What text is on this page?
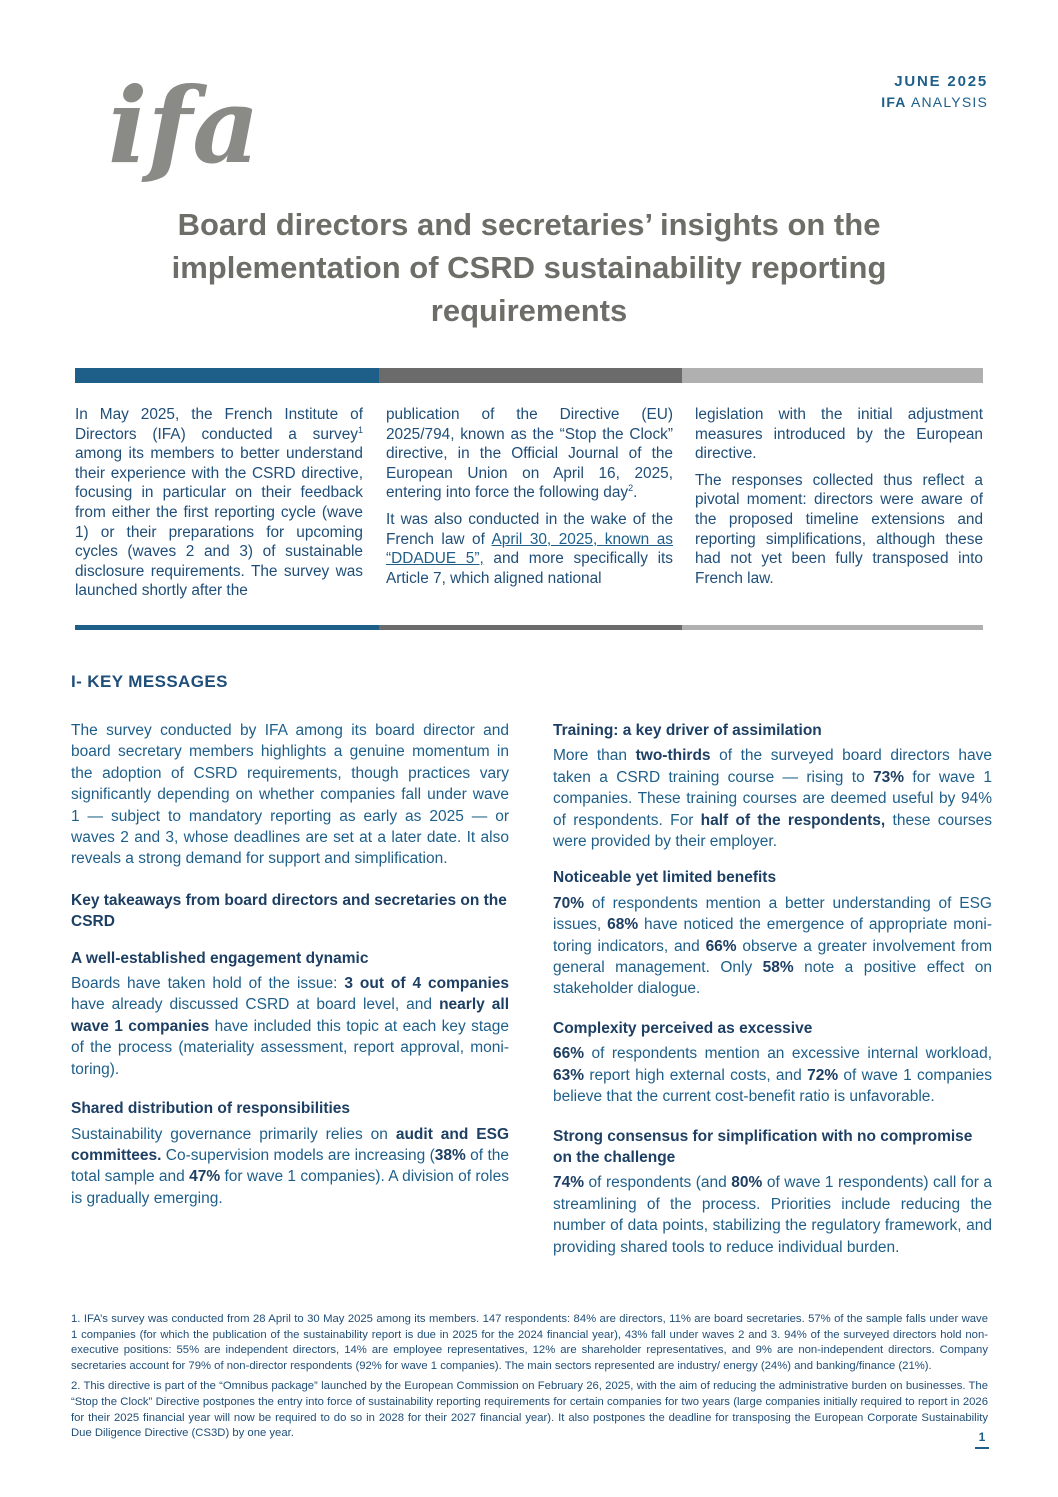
ifa	JUNE 2025
IFA ANALYSIS
Board directors and secretaries’ insights on the
implementation of CSRD sustainability reporting
requirements

In May 2025, the French Institute of Directors (IFA) conducted a survey$^1$ among its members to better understand their experience with the CSRD directive, focusing in particular on their feedback from either the first reporting cycle (wave 1) or their preparations for upcoming cycles (waves 2 and 3) of sustainable disclosure requirements. The survey was launched shortly after the

publication of the Directive (EU) 2025/794, known as the “Stop the Clock” directive, in the Official Journal of the European Union on April 16, 2025, entering into force the following day$^2$.

It was also conducted in the wake of the French law of April 30, 2025, known as “DDADUE 5”, and more specifically its Article 7, which aligned national

legislation with the initial adjustment measures introduced by the European directive.

The responses collected thus reflect a pivotal moment: directors were aware of the proposed timeline extensions and reporting simplifications, although these had not yet been fully transposed into French law.

I- KEY MESSAGES

The survey conducted by IFA among its board director and board secretary members highlights a genuine momentum in the adoption of CSRD requirements, though practices vary significantly depending on whether companies fall under wave 1 — subject to mandatory reporting as early as 2025 — or waves 2 and 3, whose deadlines are set at a later date. It also reveals a strong demand for support and simplification.

Key takeaways from board directors and secretaries on the CSRD
A well-established engagement dynamic

Boards have taken hold of the issue: 3 out of 4 companies have already discussed CSRD at board level, and nearly all wave 1 companies have included this topic at each key stage of the process (materiality assessment, report approval, monitoring).

Shared distribution of responsibilities

Sustainability governance primarily relies on audit and ESG committees. Co-supervision models are increasing (38% of the total sample and 47% for wave 1 companies). A division of roles is gradually emerging.

Training: a key driver of assimilation

More than two-thirds of the surveyed board directors have taken a CSRD training course — rising to 73% for wave 1 companies. These training courses are deemed useful by 94% of respondents. For half of the respondents, these courses were provided by their employer.

Noticeable yet limited benefits

70% of respondents mention a better understanding of ESG issues, 68% have noticed the emergence of appropriate monitoring indicators, and 66% observe a greater involvement from general management. Only 58% note a positive effect on stakeholder dialogue.

Complexity perceived as excessive

66% of respondents mention an excessive internal workload, 63% report high external costs, and 72% of wave 1 companies believe that the current cost-benefit ratio is unfavorable.

Strong consensus for simplification with no compromise on the challenge

74% of respondents (and 80% of wave 1 respondents) call for a streamlining of the process. Priorities include reducing the number of data points, stabilizing the regulatory framework, and providing shared tools to reduce individual burden.

1. IFA’s survey was conducted from 28 April to 30 May 2025 among its members. 147 respondents: 84% are directors, 11% are board secretaries. 57% of the sample falls under wave 1 companies (for which the publication of the sustainability report is due in 2025 for the 2024 financial year), 43% fall under waves 2 and 3. 94% of the surveyed directors hold non-executive positions: 55% are independent directors, 14% are employee representatives, 12% are shareholder representatives, and 9% are non-independent directors. Company secretaries account for 79% of non-director respondents (92% for wave 1 companies). The main sectors represented are industry/ energy (24%) and banking/finance (21%).

2. This directive is part of the “Omnibus package” launched by the European Commission on February 26, 2025, with the aim of reducing the administrative burden on businesses. The “Stop the Clock” Directive postpones the entry into force of sustainability reporting requirements for certain companies for two years (large companies initially required to report in 2026 for their 2025 financial year will now be required to do so in 2028 for their 2027 financial year). It also postpones the deadline for transposing the European Corporate Sustainability Due Diligence Directive (CS3D) by one year.	1
